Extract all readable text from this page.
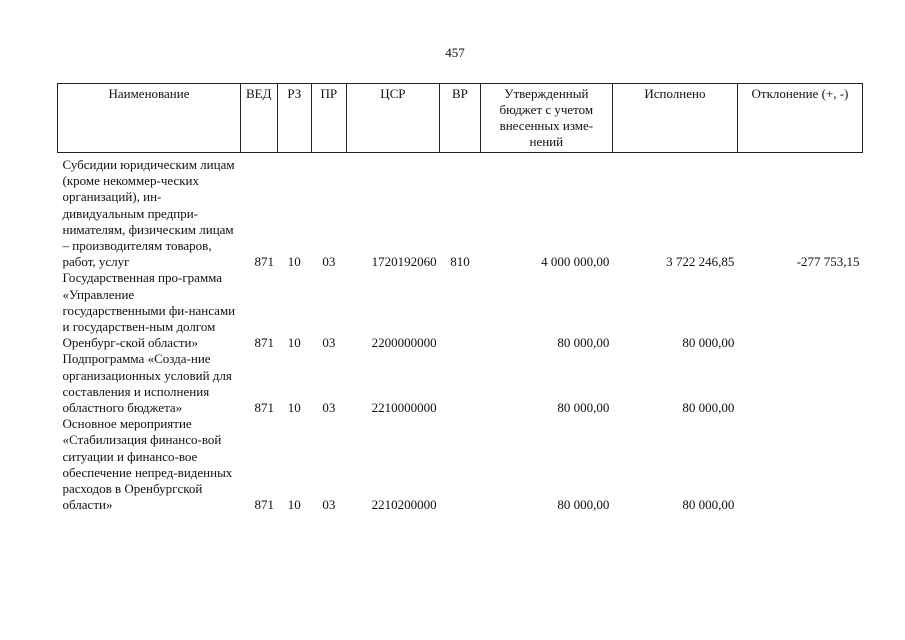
457
Наименование	ВЕД	РЗ	ПР	ЦСР	ВР	Утвержденный бюджет с учетом внесенных изме-нений	Исполнено	Отклонение (+, -)
Субсидии юридическим лицам (кроме некоммер-ческих организаций), ин-дивидуальным предпри-нимателям, физическим лицам – производителям товаров, работ, услуг	871	10	03	1720192060	810	4 000 000,00	3 722 246,85	-277 753,15
Государственная про-грамма «Управление государственными фи-нансами и государствен-ным долгом Оренбург-ской области»	871	10	03	2200000000		80 000,00	80 000,00	
Подпрограмма «Созда-ние организационных условий для составления и исполнения областного бюджета»	871	10	03	2210000000		80 000,00	80 000,00	
Основное мероприятие «Стабилизация финансо-вой ситуации и финансо-вое обеспечение непред-виденных расходов в Оренбургской области»	871	10	03	2210200000		80 000,00	80 000,00	
